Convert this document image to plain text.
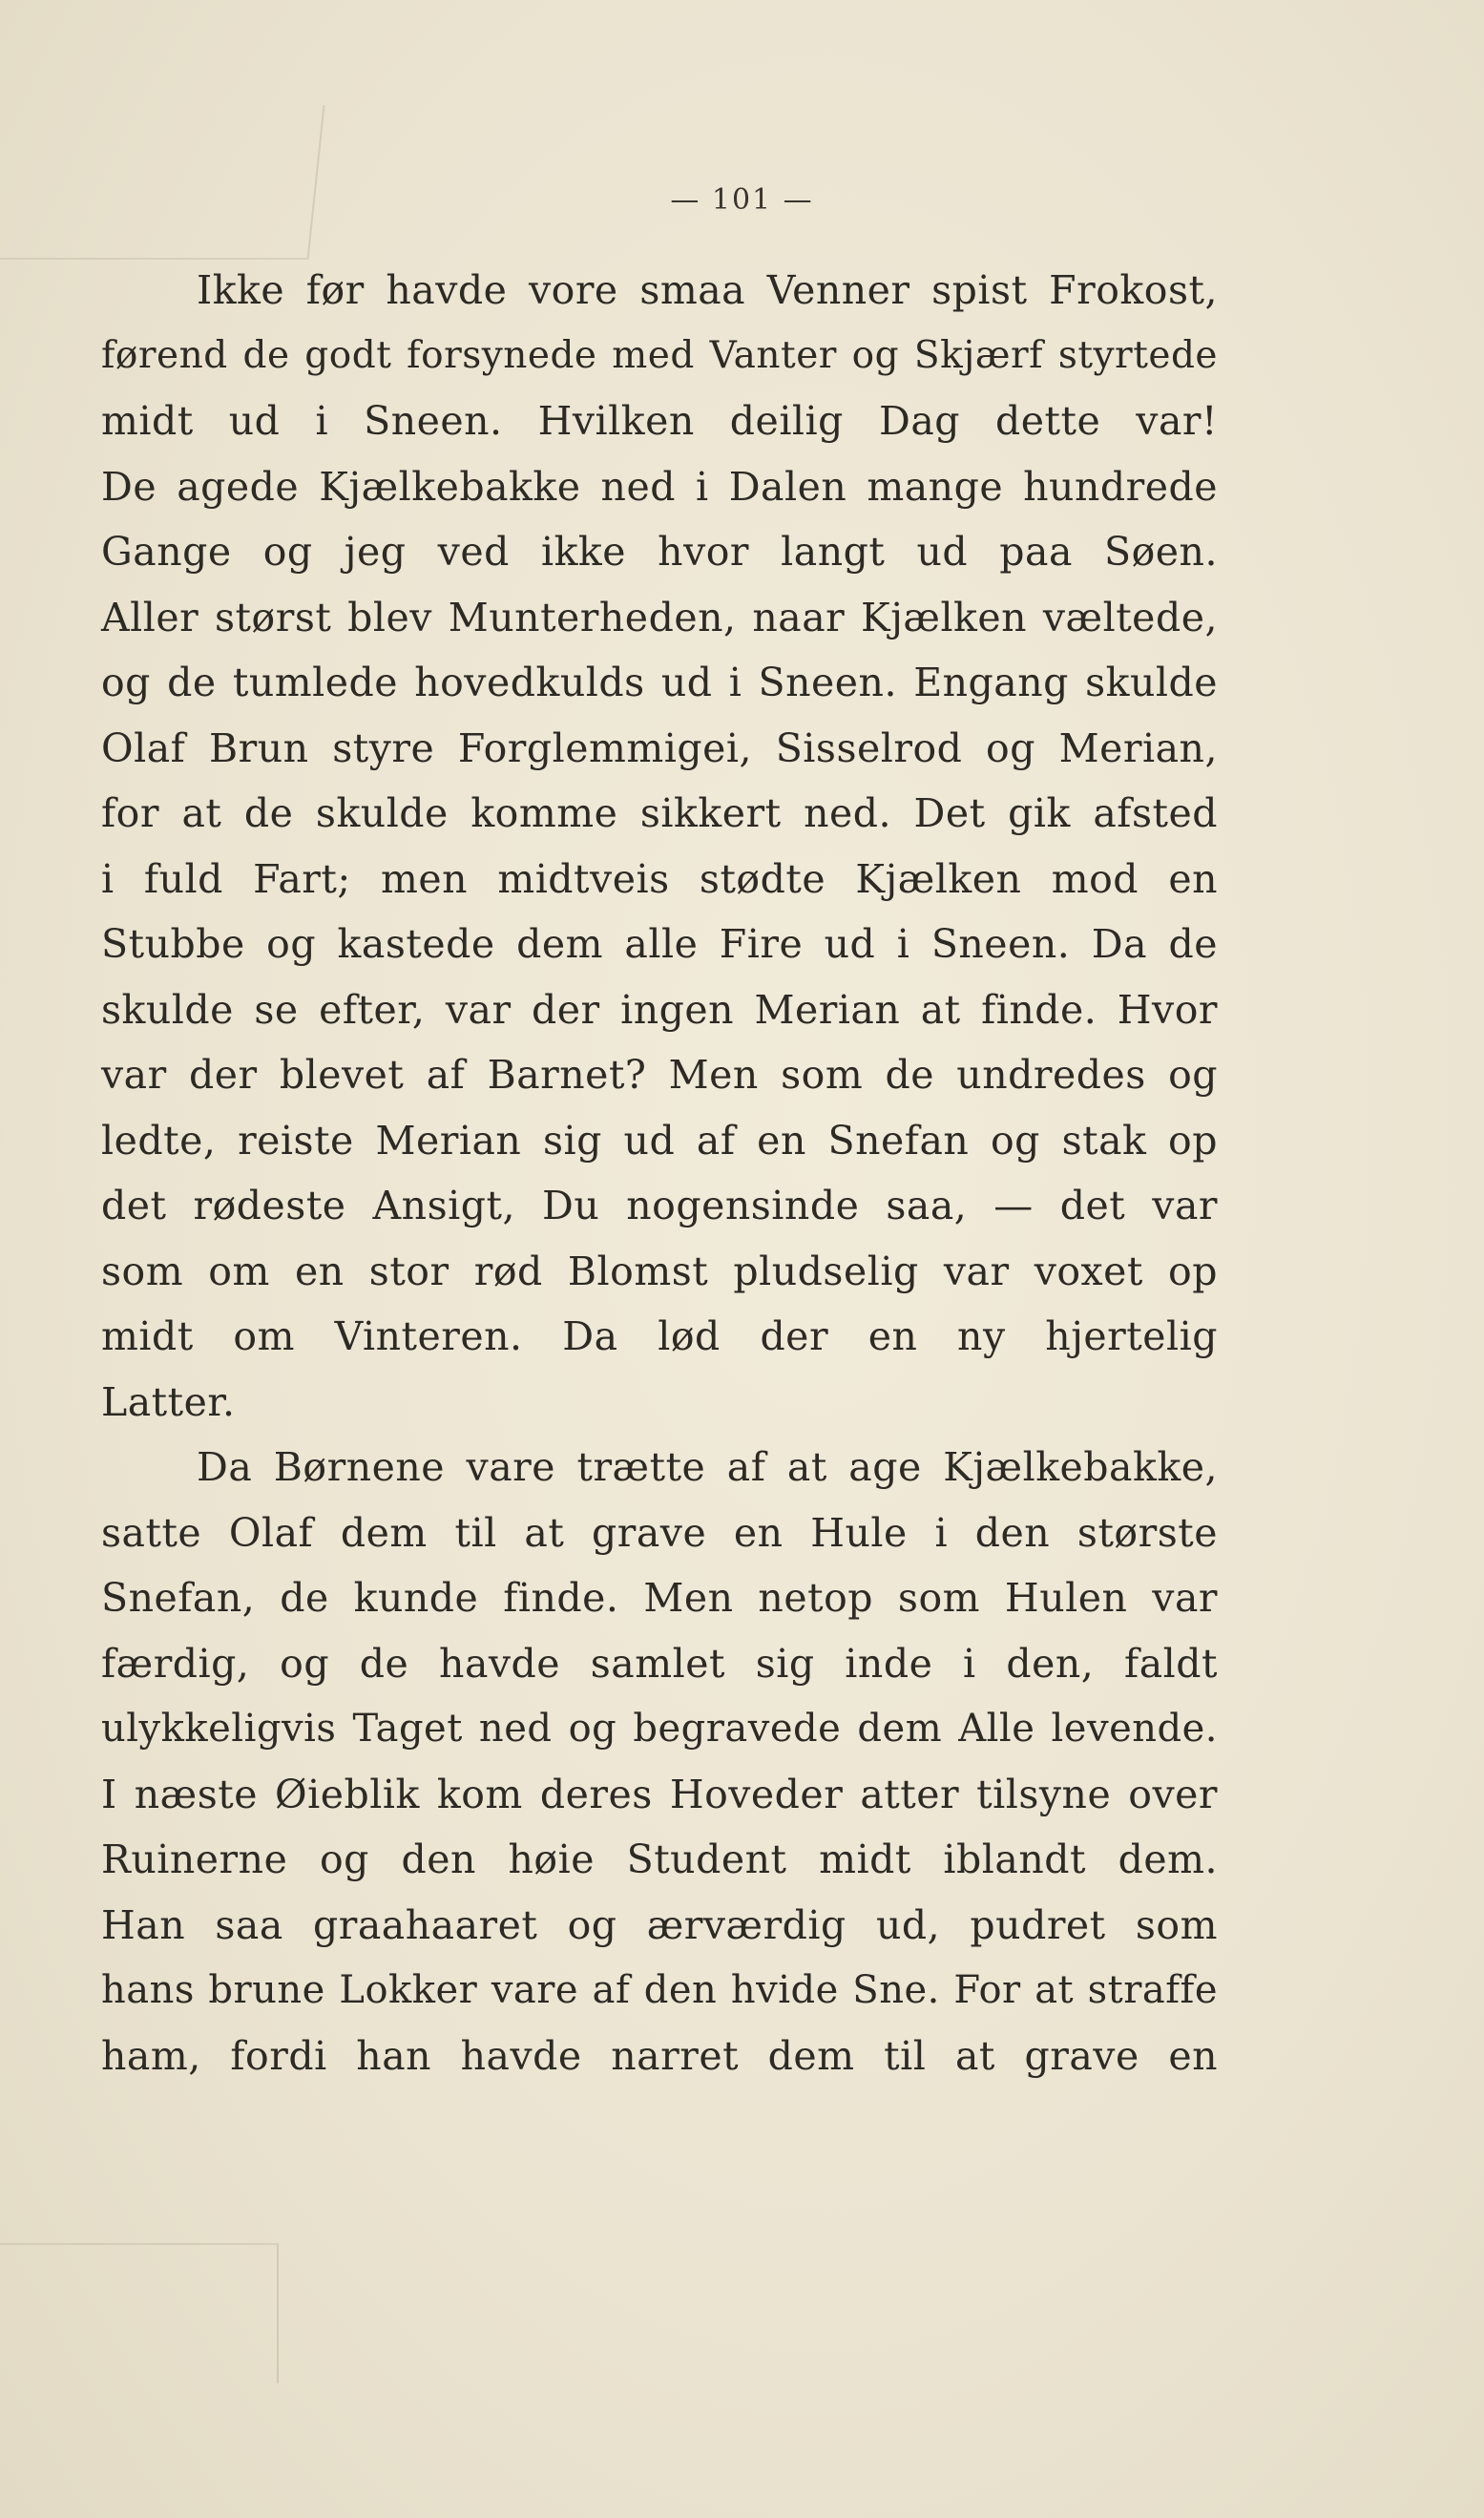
— 101 —
Ikke før havde vore smaa Venner spist Frokost,
førend de godt forsynede med Vanter og Skjærf styrtede
midt ud i Sneen. Hvilken deilig Dag dette var!
De agede Kjælkebakke ned i Dalen mange hundrede
Gange og jeg ved ikke hvor langt ud paa Søen.
Aller størst blev Munterheden, naar Kjælken væltede,
og de tumlede hovedkulds ud i Sneen. Engang skulde
Olaf Brun styre Forglemmigei, Sisselrod og Merian,
for at de skulde komme sikkert ned. Det gik afsted
i fuld Fart; men midtveis stødte Kjælken mod en
Stubbe og kastede dem alle Fire ud i Sneen. Da de
skulde se efter, var der ingen Merian at finde. Hvor
var der blevet af Barnet? Men som de undredes og
ledte, reiste Merian sig ud af en Snefan og stak op
det rødeste Ansigt, Du nogensinde saa, — det var
som om en stor rød Blomst pludselig var voxet op
midt om Vinteren. Da lød der en ny hjertelig
Latter.
Da Børnene vare trætte af at age Kjælkebakke,
satte Olaf dem til at grave en Hule i den største
Snefan, de kunde finde. Men netop som Hulen var
færdig, og de havde samlet sig inde i den, faldt
ulykkeligvis Taget ned og begravede dem Alle levende.
I næste Øieblik kom deres Hoveder atter tilsyne over
Ruinerne og den høie Student midt iblandt dem.
Han saa graahaaret og ærværdig ud, pudret som
hans brune Lokker vare af den hvide Sne. For at straffe
ham, fordi han havde narret dem til at grave en
